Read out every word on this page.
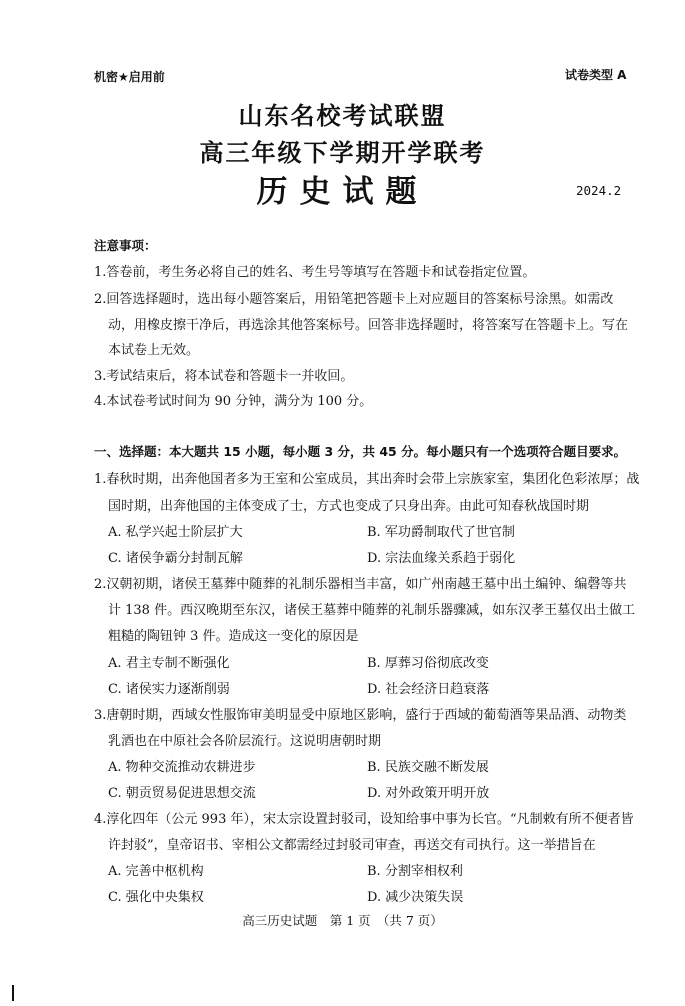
机密★启用前	试卷类型 A
山东名校考试联盟
高三年级下学期开学联考
历史试题	2024.2
注意事项：
1.答卷前，考生务必将自己的姓名、考生号等填写在答题卡和试卷指定位置。
2.回答选择题时，选出每小题答案后，用铅笔把答题卡上对应题目的答案标号涂黑。如需改
动，用橡皮擦干净后，再选涂其他答案标号。回答非选择题时，将答案写在答题卡上。写在
本试卷上无效。
3.考试结束后，将本试卷和答题卡一并收回。
4.本试卷考试时间为 90 分钟，满分为 100 分。
一、选择题：本大题共 15 小题，每小题 3 分，共 45 分。每小题只有一个选项符合题目要求。
1.春秋时期，出奔他国者多为王室和公室成员，其出奔时会带上宗族家室，集团化色彩浓厚；战
国时期，出奔他国的主体变成了士，方式也变成了只身出奔。由此可知春秋战国时期
A. 私学兴起士阶层扩大	B. 军功爵制取代了世官制
C. 诸侯争霸分封制瓦解	D. 宗法血缘关系趋于弱化
2.汉朝初期，诸侯王墓葬中随葬的礼制乐器相当丰富，如广州南越王墓中出土编钟、编磬等共
计 138 件。西汉晚期至东汉，诸侯王墓葬中随葬的礼制乐器骤减，如东汉孝王墓仅出土做工
粗糙的陶钮钟 3 件。造成这一变化的原因是
A. 君主专制不断强化	B. 厚葬习俗彻底改变
C. 诸侯实力逐渐削弱	D. 社会经济日趋衰落
3.唐朝时期，西域女性服饰审美明显受中原地区影响，盛行于西域的葡萄酒等果品酒、动物类
乳酒也在中原社会各阶层流行。这说明唐朝时期
A. 物种交流推动农耕进步	B. 民族交融不断发展
C. 朝贡贸易促进思想交流	D. 对外政策开明开放
4.淳化四年（公元 993 年），宋太宗设置封驳司，设知给事中事为长官。“凡制敕有所不便者皆
许封驳”，皇帝诏书、宰相公文都需经过封驳司审查，再送交有司执行。这一举措旨在
A. 完善中枢机构	B. 分割宰相权利
C. 强化中央集权	D. 减少决策失误
高三历史试题　第 1 页　（共 7 页）
